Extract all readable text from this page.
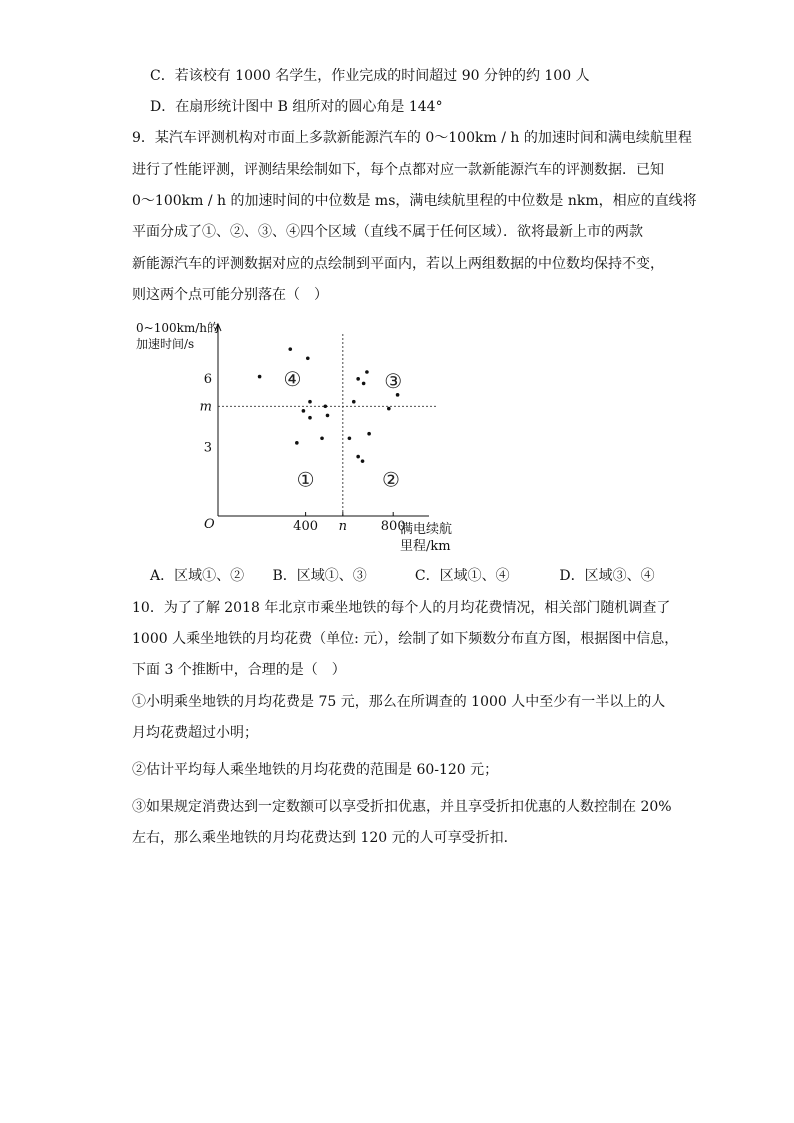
C．若该校有 1000 名学生，作业完成的时间超过 90 分钟的约 100 人
D．在扇形统计图中 B 组所对的圆心角是 144°
9．某汽车评测机构对市面上多款新能源汽车的 0～100km / h 的加速时间和满电续航里程
进行了性能评测，评测结果绘制如下，每个点都对应一款新能源汽车的评测数据．已知
0～100km / h 的加速时间的中位数是 ms，满电续航里程的中位数是 nkm，相应的直线将
平面分成了①、②、③、④四个区域（直线不属于任何区域）．欲将最新上市的两款
新能源汽车的评测数据对应的点绘制到平面内，若以上两组数据的中位数均保持不变，
则这两个点可能分别落在（　）
0~100km/h的
加速时间/s
满电续航
里程/km
O	400 n	800
6
m
3
①	②
③
④
A．区域①、② B．区域①、③	C．区域①、④	D．区域③、④
10．为了了解 2018 年北京市乘坐地铁的每个人的月均花费情况，相关部门随机调查了
1000 人乘坐地铁的月均花费（单位: 元），绘制了如下频数分布直方图，根据图中信息，
下面 3 个推断中，合理的是（　）
①小明乘坐地铁的月均花费是 75 元，那么在所调查的 1000 人中至少有一半以上的人
月均花费超过小明；
②估计平均每人乘坐地铁的月均花费的范围是 60-120 元；
③如果规定消费达到一定数额可以享受折扣优惠，并且享受折扣优惠的人数控制在 20%
左右，那么乘坐地铁的月均花费达到 120 元的人可享受折扣．
